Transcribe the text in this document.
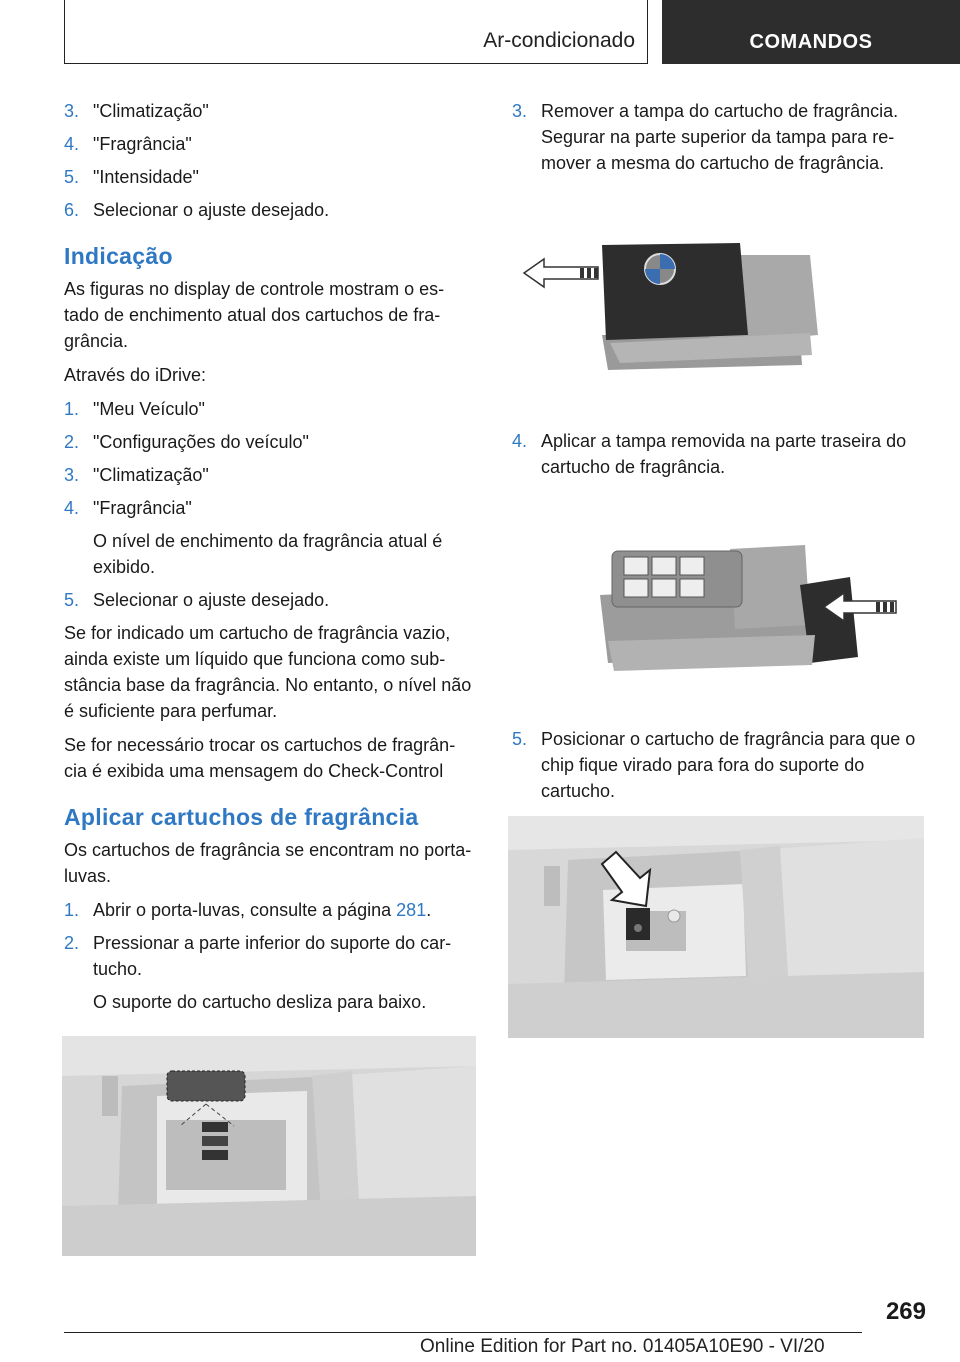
Ar-condicionado	COMANDOS
3. "Climatização"
4. "Fragrância"
5. "Intensidade"
6. Selecionar o ajuste desejado.
Indicação

As figuras no display de controle mostram o es-tado de enchimento atual dos cartuchos de fra-grância.

Através do iDrive:

1. "Meu Veículo"
2. "Configurações do veículo"
3. "Climatização"
4. "Fragrância"
O nível de enchimento da fragrância atual é exibido.
5. Selecionar o ajuste desejado.

Se for indicado um cartucho de fragrância vazio, ainda existe um líquido que funciona como sub-stância base da fragrância. No entanto, o nível não é suficiente para perfumar.

Se for necessário trocar os cartuchos de fragrân-cia é exibida uma mensagem do Check-Control

Aplicar cartuchos de fragrância

Os cartuchos de fragrância se encontram no porta-luvas.

1. Abrir o porta-luvas, consulte a página 281.
2. Pressionar a parte inferior do suporte do car-tucho.
O suporte do cartucho desliza para baixo.
3. Remover a tampa do cartucho de fragrância. Segurar na parte superior da tampa para re-mover a mesma do cartucho de fragrância.
4. Aplicar a tampa removida na parte traseira do cartucho de fragrância.
5. Posicionar o cartucho de fragrância para que o chip fique virado para fora do suporte do cartucho.
269
Online Edition for Part no. 01405A10E90 - VI/20
